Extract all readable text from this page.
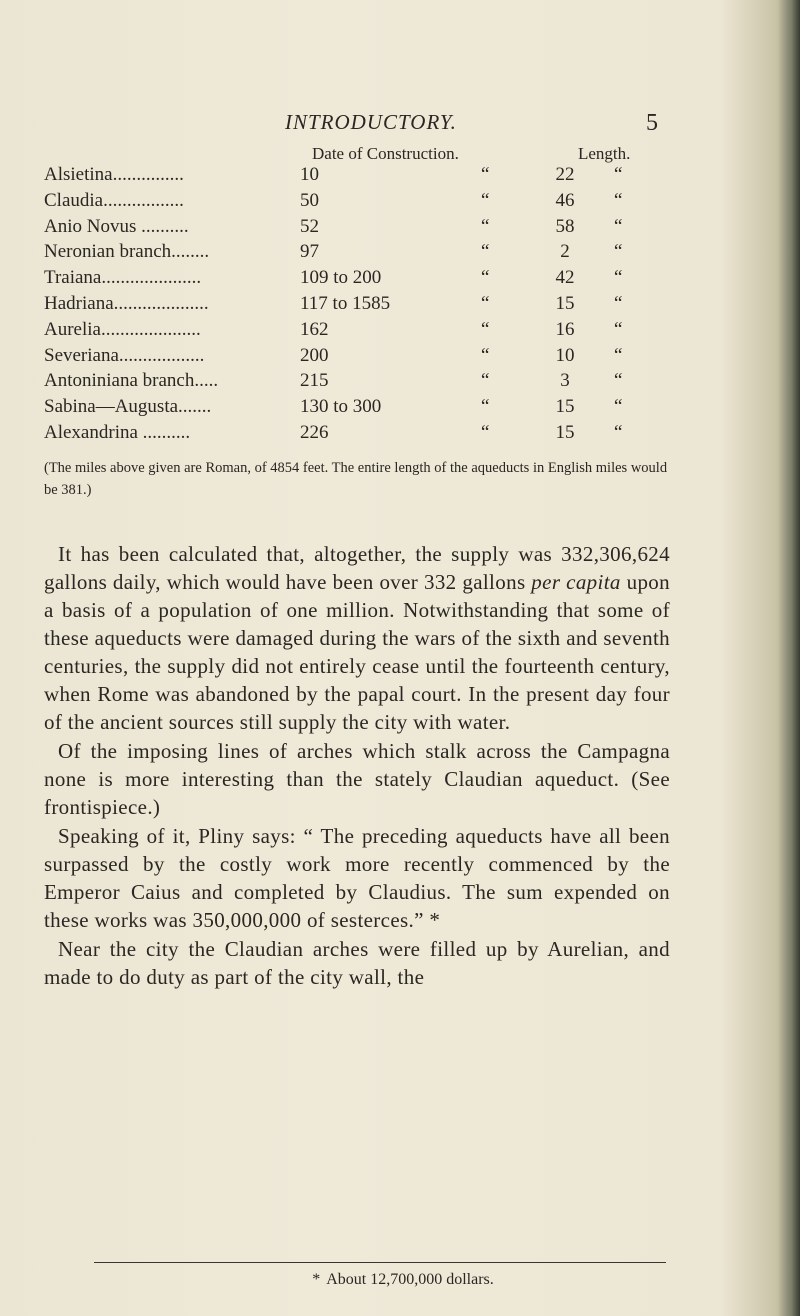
INTRODUCTORY.	5
Date of Construction.	Length.
Alsietina...............	10	“	22	“
Claudia.................	50	“	46	“
Anio Novus ..........	52	“	58	“
Neronian branch........	97	“	2	“
Traiana.....................	109 to 200	“	42	“
Hadriana....................	117 to 1585	“	15	“
Aurelia.....................	162	“	16	“
Severiana..................	200	“	10	“
Antoniniana branch.....	215	“	3	“
Sabina—Augusta.......	130 to 300	“	15	“
Alexandrina ..........	226	“	15	“
(The miles above given are Roman, of 4854 feet. The entire length of the aqueducts in English miles would be 381.)

It has been calculated that, altogether, the supply was 332,306,624 gallons daily, which would have been over 332 gallons per capita upon a basis of a population of one million. Notwithstanding that some of these aqueducts were damaged during the wars of the sixth and seventh centuries, the supply did not entirely cease until the fourteenth century, when Rome was abandoned by the papal court. In the present day four of the ancient sources still supply the city with water.

Of the imposing lines of arches which stalk across the Campagna none is more interesting than the stately Claudian aqueduct. (See frontispiece.)

Speaking of it, Pliny says: “ The preceding aqueducts have all been surpassed by the costly work more recently commenced by the Emperor Caius and completed by Claudius. The sum expended on these works was 350,000,000 of sesterces.” *

Near the city the Claudian arches were filled up by Aurelian, and made to do duty as part of the city wall, the

* About 12,700,000 dollars.
